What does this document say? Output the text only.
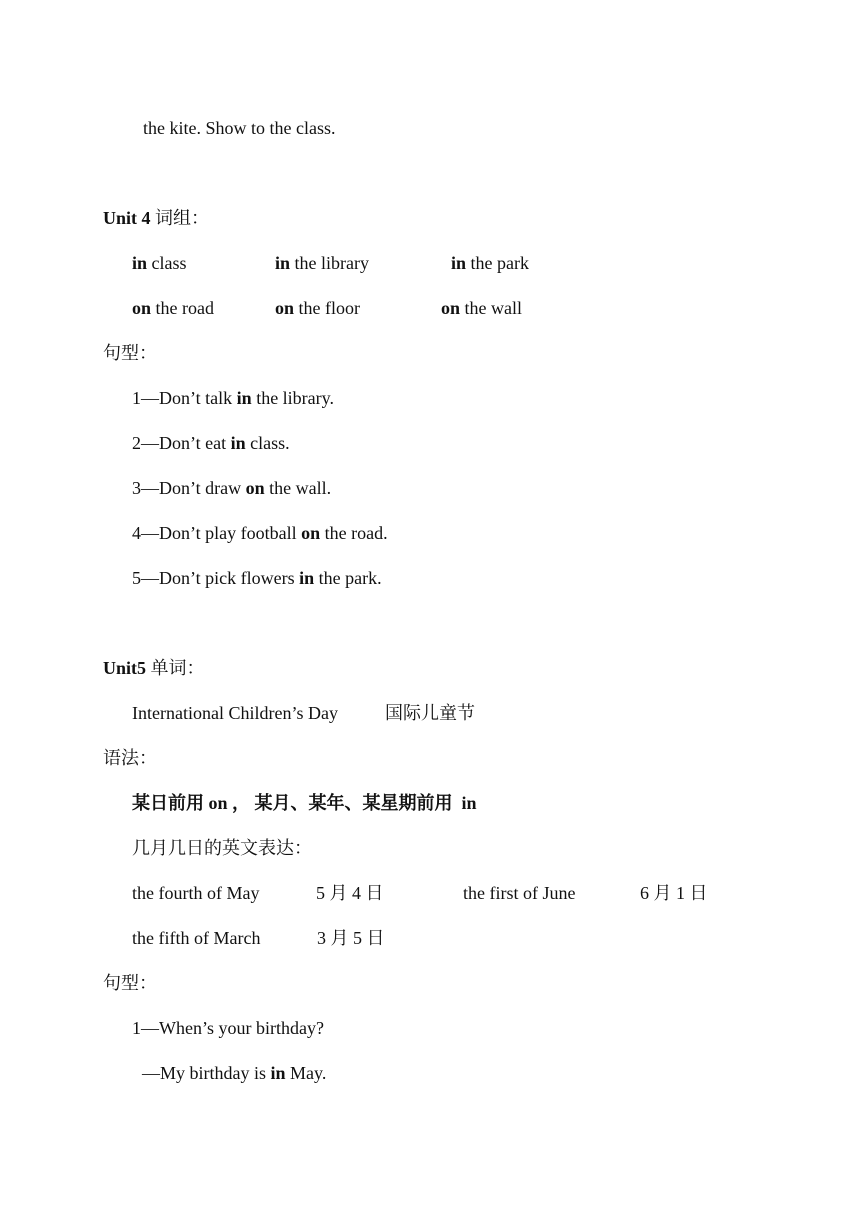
the kite. Show to the class.
Unit 4 词组：
in class	in the library	in the park
on the road	on the floor	on the wall
句型：
1—Don’t talk in the library.
2—Don’t eat in class.
3—Don’t draw on the wall.
4—Don’t play football on the road.
5—Don’t pick flowers in the park.
Unit5 单词：
International Children’s Day	国际儿童节
语法：
某日前用 on ， 某月、某年、某星期前用  in
几月几日的英文表达：
the fourth of May	5 月 4 日	the first of June	6 月 1 日
the fifth of March	3 月 5 日
句型：
1—When’s your birthday?
—My birthday is in May.
